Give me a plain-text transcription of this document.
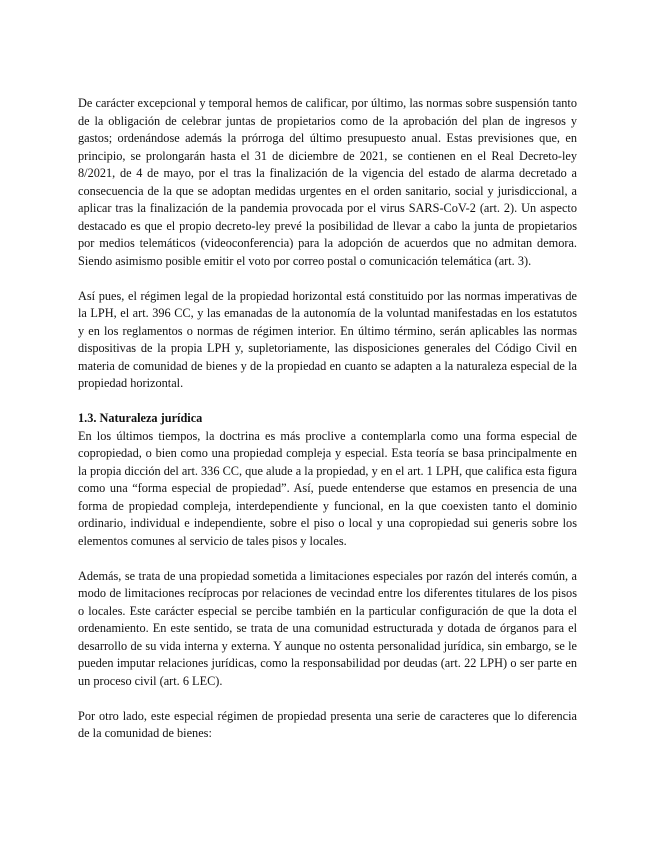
De carácter excepcional y temporal hemos de calificar, por último, las normas sobre suspensión tanto de la obligación de celebrar juntas de propietarios como de la aprobación del plan de ingresos y gastos; ordenándose además la prórroga del último presupuesto anual. Estas previsiones que, en principio, se prolongarán hasta el 31 de diciembre de 2021, se contienen en el Real Decreto-ley 8/2021, de 4 de mayo, por el tras la finalización de la vigencia del estado de alarma decretado a consecuencia de la que se adoptan medidas urgentes en el orden sanitario, social y jurisdiccional, a aplicar tras la finalización de la pandemia provocada por el virus SARS-CoV-2 (art. 2). Un aspecto destacado es que el propio decreto-ley prevé la posibilidad de llevar a cabo la junta de propietarios por medios telemáticos (videoconferencia) para la adopción de acuerdos que no admitan demora. Siendo asimismo posible emitir el voto por correo postal o comunicación telemática (art. 3).

Así pues, el régimen legal de la propiedad horizontal está constituido por las normas imperativas de la LPH, el art. 396 CC, y las emanadas de la autonomía de la voluntad manifestadas en los estatutos y en los reglamentos o normas de régimen interior. En último término, serán aplicables las normas dispositivas de la propia LPH y, supletoriamente, las disposiciones generales del Código Civil en materia de comunidad de bienes y de la propiedad en cuanto se adapten a la naturaleza especial de la propiedad horizontal.

1.3. Naturaleza jurídica

En los últimos tiempos, la doctrina es más proclive a contemplarla como una forma especial de copropiedad, o bien como una propiedad compleja y especial. Esta teoría se basa principalmente en la propia dicción del art. 336 CC, que alude a la propiedad, y en el art. 1 LPH, que califica esta figura como una “forma especial de propiedad”. Así, puede entenderse que estamos en presencia de una forma de propiedad compleja, interdependiente y funcional, en la que coexisten tanto el dominio ordinario, individual e independiente, sobre el piso o local y una copropiedad sui generis sobre los elementos comunes al servicio de tales pisos y locales.

Además, se trata de una propiedad sometida a limitaciones especiales por razón del interés común, a modo de limitaciones recíprocas por relaciones de vecindad entre los diferentes titulares de los pisos o locales. Este carácter especial se percibe también en la particular configuración de que la dota el ordenamiento. En este sentido, se trata de una comunidad estructurada y dotada de órganos para el desarrollo de su vida interna y externa. Y aunque no ostenta personalidad jurídica, sin embargo, se le pueden imputar relaciones jurídicas, como la responsabilidad por deudas (art. 22 LPH) o ser parte en un proceso civil (art. 6 LEC).

Por otro lado, este especial régimen de propiedad presenta una serie de caracteres que lo diferencia de la comunidad de bienes:
